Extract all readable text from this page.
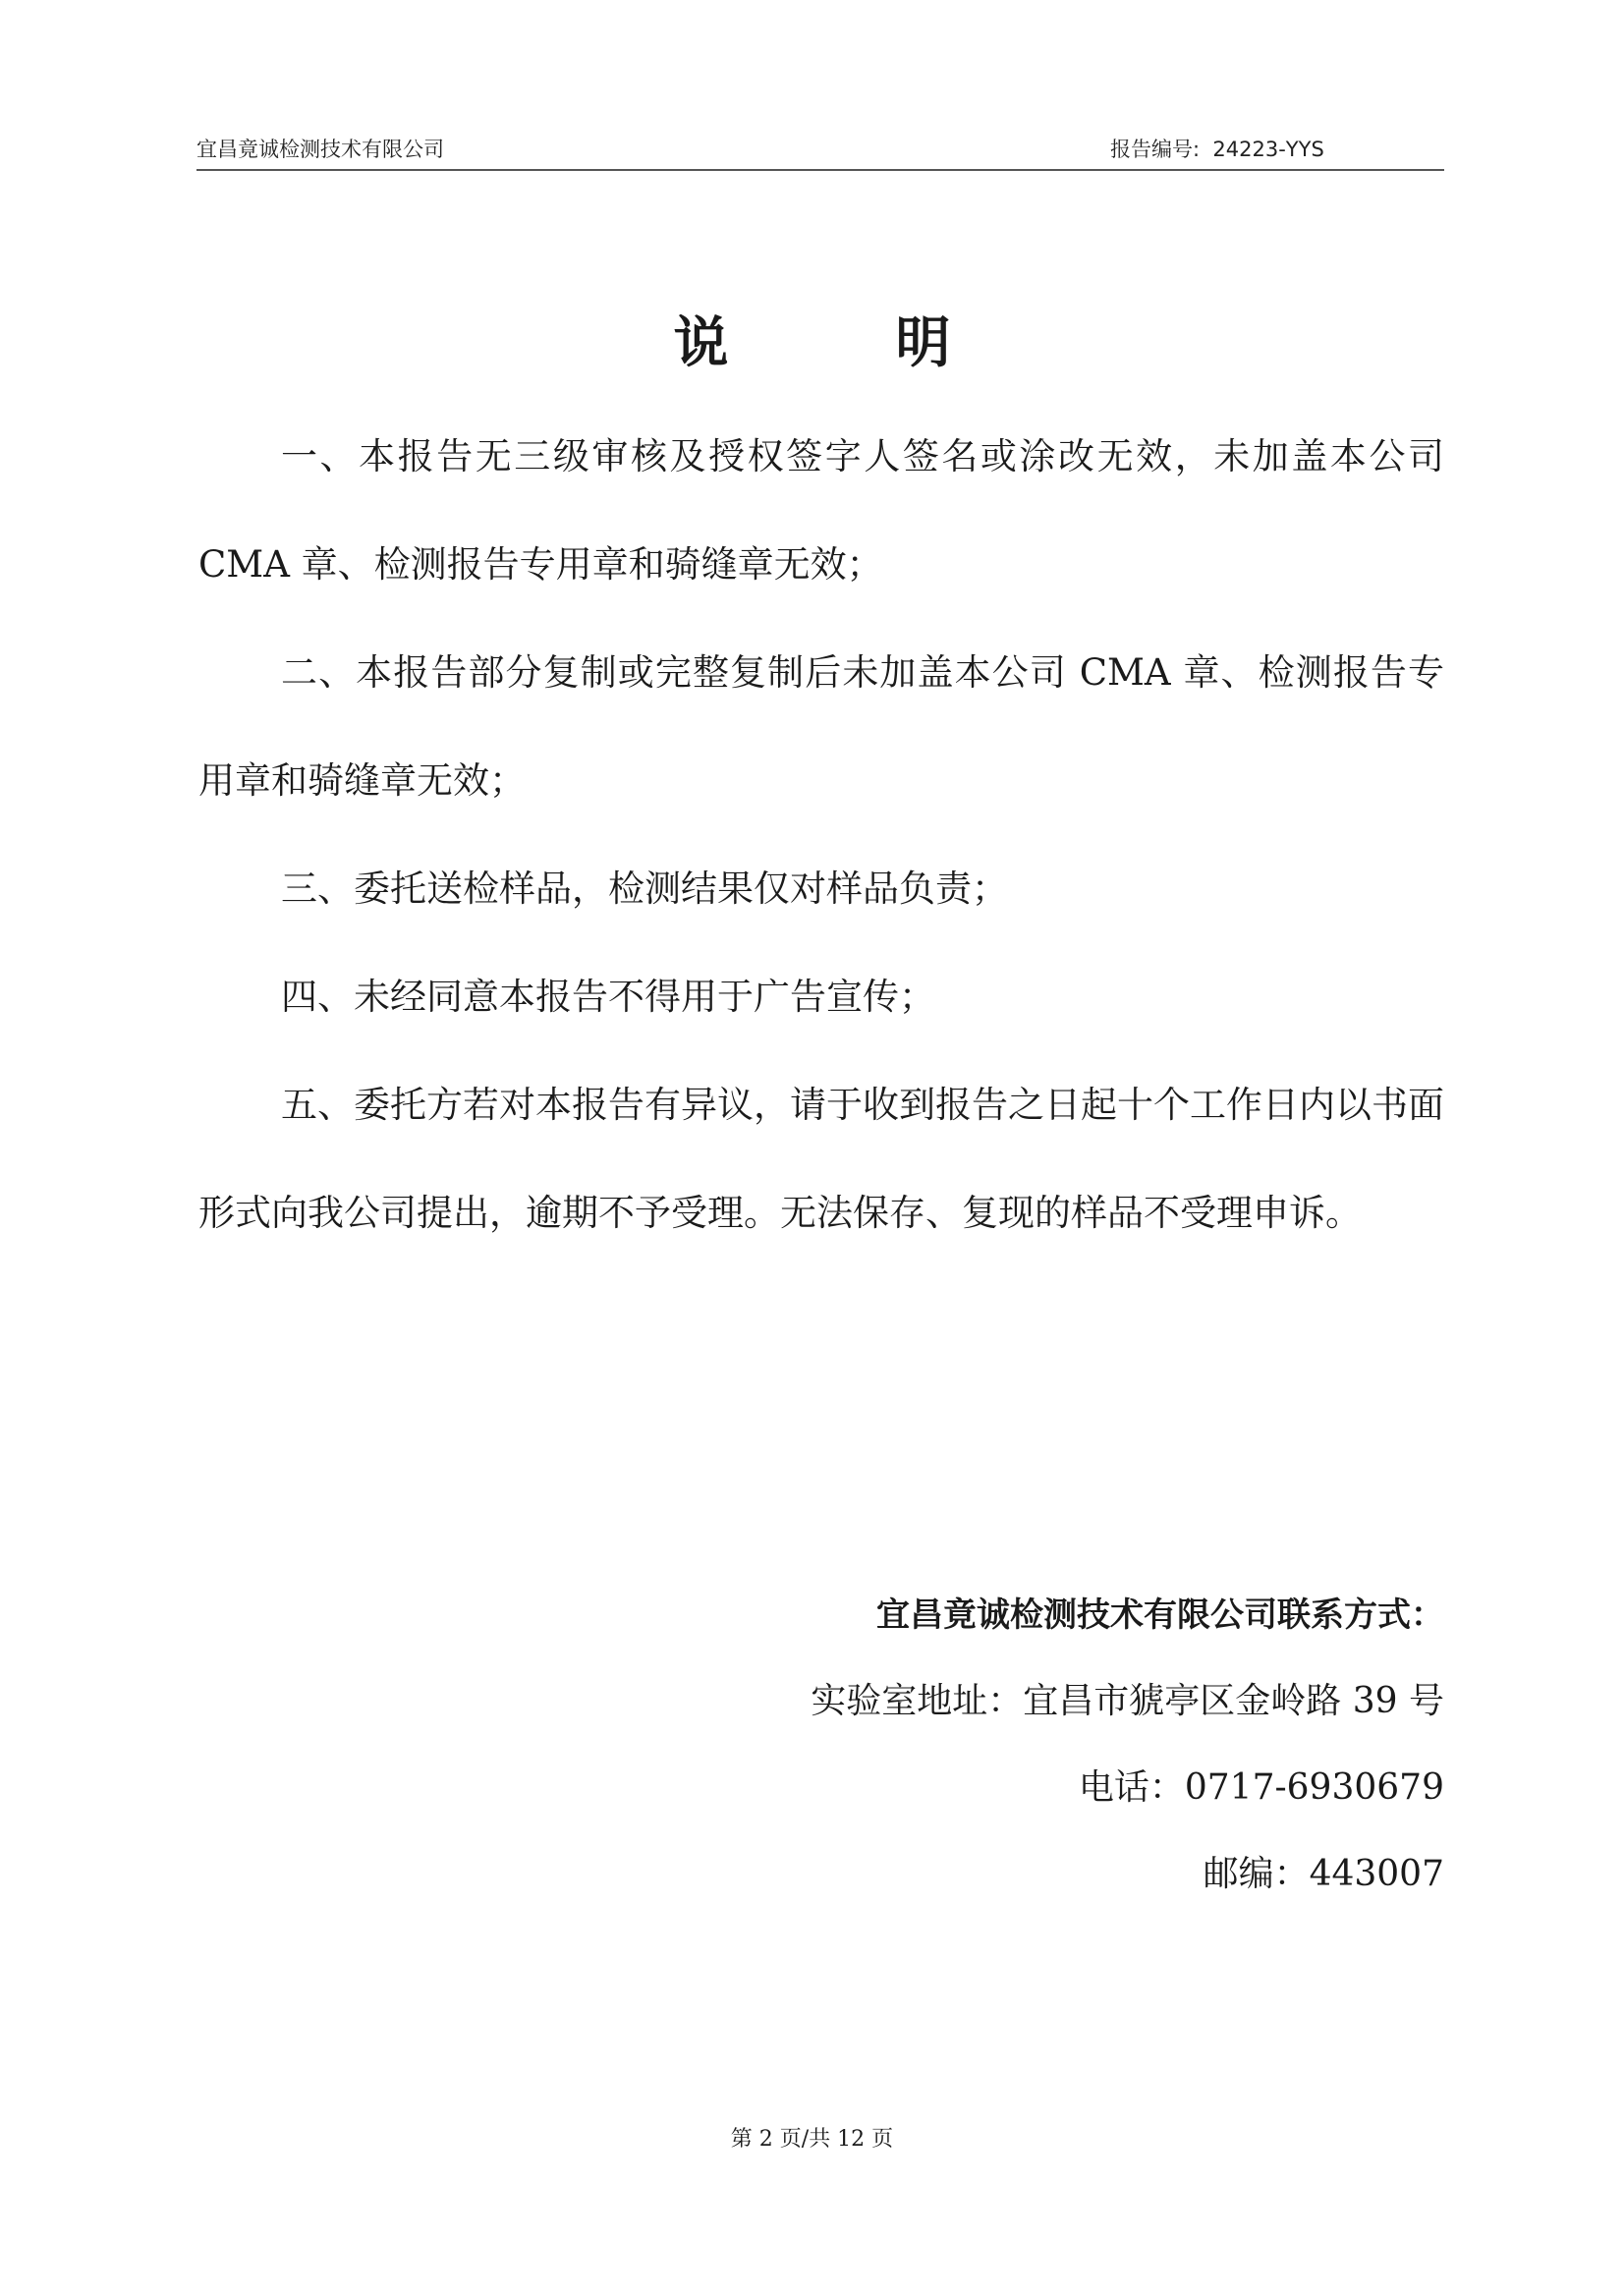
宜昌竟诚检测技术有限公司	报告编号:  24223-YYS
说	明

一、本报告无三级审核及授权签字人签名或涂改无效，未加盖本公司 CMA 章、检测报告专用章和骑缝章无效；

二、本报告部分复制或完整复制后未加盖本公司 CMA 章、检测报告专用章和骑缝章无效；

三、委托送检样品，检测结果仅对样品负责；

四、未经同意本报告不得用于广告宣传；

五、委托方若对本报告有异议，请于收到报告之日起十个工作日内以书面形式向我公司提出，逾期不予受理。无法保存、复现的样品不受理申诉。

宜昌竟诚检测技术有限公司联系方式：
实验室地址：宜昌市猇亭区金岭路 39 号
电话：0717-6930679
邮编：443007
第 2 页/共 12 页
